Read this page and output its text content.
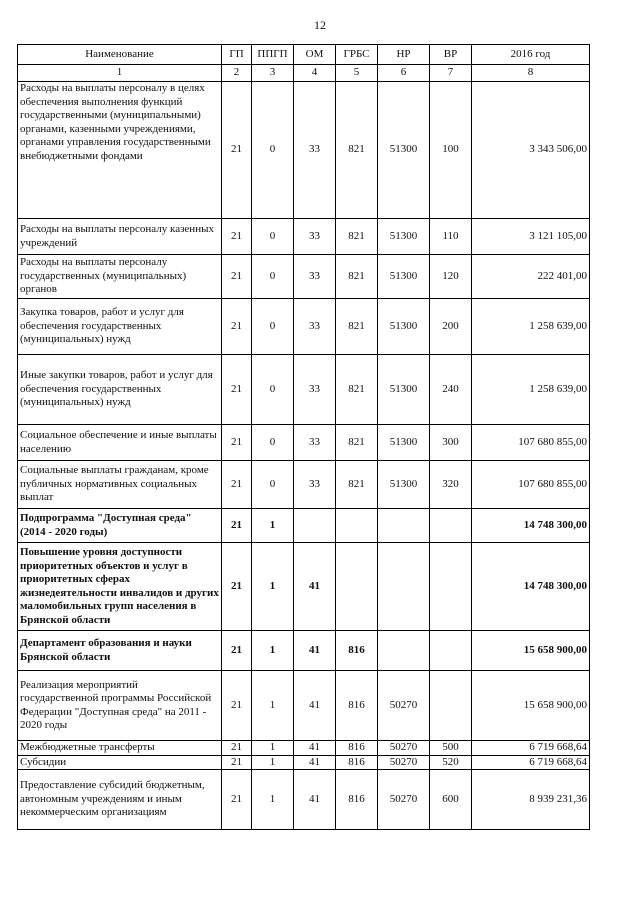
12
Наименование	ГП	ППГП	ОМ	ГРБС	НР	ВР	2016 год
1	2	3	4	5	6	7	8
Расходы на выплаты персоналу в целях обеспечения выполнения функций государственными (муниципальными) органами, казенными учреждениями, органами управления государственными внебюджетными фондами	21	0	33	821	51300	100	3 343 506,00
Расходы на выплаты персоналу казенных учреждений	21	0	33	821	51300	110	3 121 105,00
Расходы на выплаты персоналу государственных (муниципальных) органов	21	0	33	821	51300	120	222 401,00
Закупка товаров, работ и услуг для обеспечения государственных (муниципальных) нужд	21	0	33	821	51300	200	1 258 639,00
Иные закупки товаров, работ и услуг для обеспечения государственных (муниципальных) нужд	21	0	33	821	51300	240	1 258 639,00
Социальное обеспечение и иные выплаты населению	21	0	33	821	51300	300	107 680 855,00
Социальные выплаты гражданам, кроме публичных нормативных социальных выплат	21	0	33	821	51300	320	107 680 855,00
Подпрограмма "Доступная среда" (2014 - 2020 годы)	21	1					14 748 300,00
Повышение уровня доступности приоритетных объектов и услуг в приоритетных сферах жизнедеятельности инвалидов и других маломобильных групп населения в Брянской области	21	1	41				14 748 300,00
Департамент образования и науки Брянской области	21	1	41	816			15 658 900,00
Реализация мероприятий государственной программы Российской Федерации "Доступная среда" на 2011 - 2020 годы	21	1	41	816	50270		15 658 900,00
Межбюджетные трансферты	21	1	41	816	50270	500	6 719 668,64
Субсидии	21	1	41	816	50270	520	6 719 668,64
Предоставление субсидий бюджетным, автономным учреждениям и иным некоммерческим организациям	21	1	41	816	50270	600	8 939 231,36
